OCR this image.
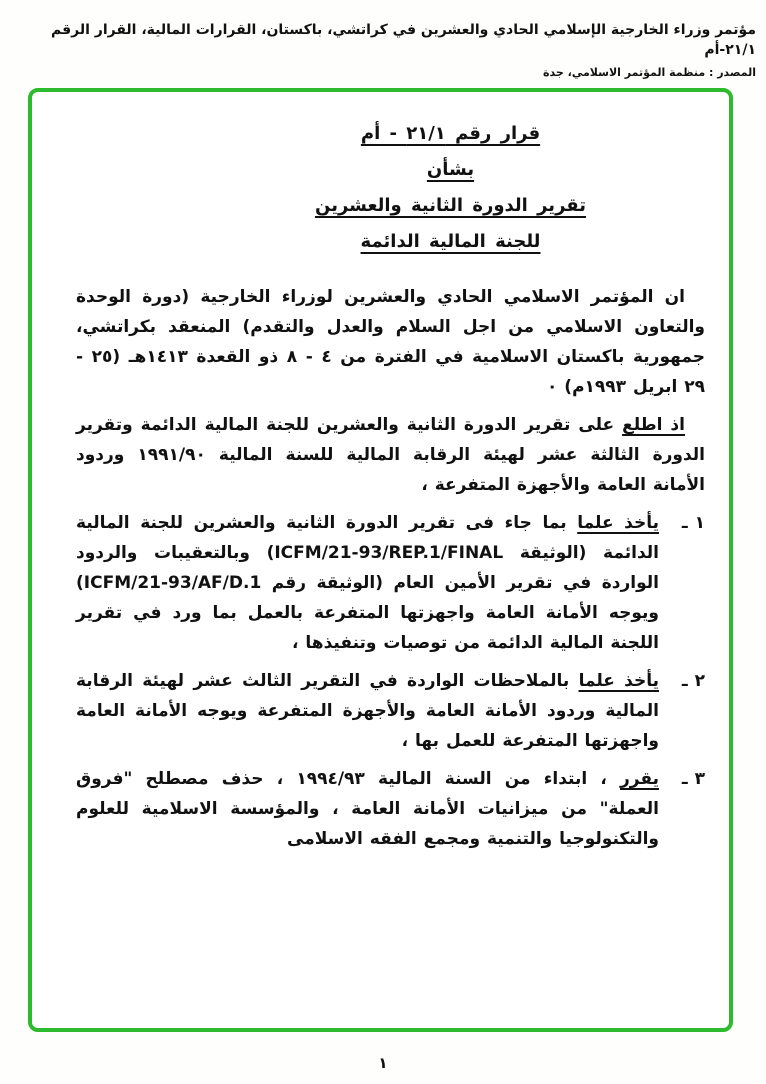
مؤتمر وزراء الخارجية الإسلامي الحادي والعشرين في كراتشي، باكستان، القرارات المالية، القرار الرقم ٢١/١-أم
المصدر : منظمة المؤتمر الاسلامي، جدة
قرار رقم ٢١/١ - أم
بشأن
تقرير الدورة الثانية والعشرين
للجنة المالية الدائمة

ان المؤتمر الاسلامي الحادي والعشرين لوزراء الخارجية (دورة الوحدة والتعاون الاسلامي من اجل السلام والعدل والتقدم) المنعقد بكراتشي، جمهورية باكستان الاسلامية في الفترة من ٤ - ٨ ذو القعدة ١٤١٣هـ (٢٥ - ٢٩ ابريل ١٩٩٣م) ٠

اذ اطلع على تقرير الدورة الثانية والعشرين للجنة المالية الدائمة وتقرير الدورة الثالثة عشر لهيئة الرقابة المالية للسنة المالية ١٩٩١/٩٠ وردود الأمانة العامة والأجهزة المتفرعة ،

١ ـ
يأخذ علما بما جاء فى تقرير الدورة الثانية والعشرين للجنة المالية الدائمة (الوثيقة ICFM/21-93/REP.1/FINAL) وبالتعقيبات والردود الواردة في تقرير الأمين العام (الوثيقة رقم ICFM/21-93/AF/D.1) ويوجه الأمانة العامة واجهزتها المتفرعة بالعمل بما ورد في تقرير اللجنة المالية الدائمة من توصيات وتنفيذها ،
٢ ـ
يأخذ علما بالملاحظات الواردة في التقرير الثالث عشر لهيئة الرقابة المالية وردود الأمانة العامة والأجهزة المتفرعة ويوجه الأمانة العامة واجهزتها المتفرعة للعمل بها ،
٣ ـ
يقرر ، ابتداء من السنة المالية ١٩٩٤/٩٣ ، حذف مصطلح "فروق العملة" من ميزانيات الأمانة العامة ، والمؤسسة الاسلامية للعلوم والتكنولوجيا والتنمية ومجمع الفقه الاسلامى
١
